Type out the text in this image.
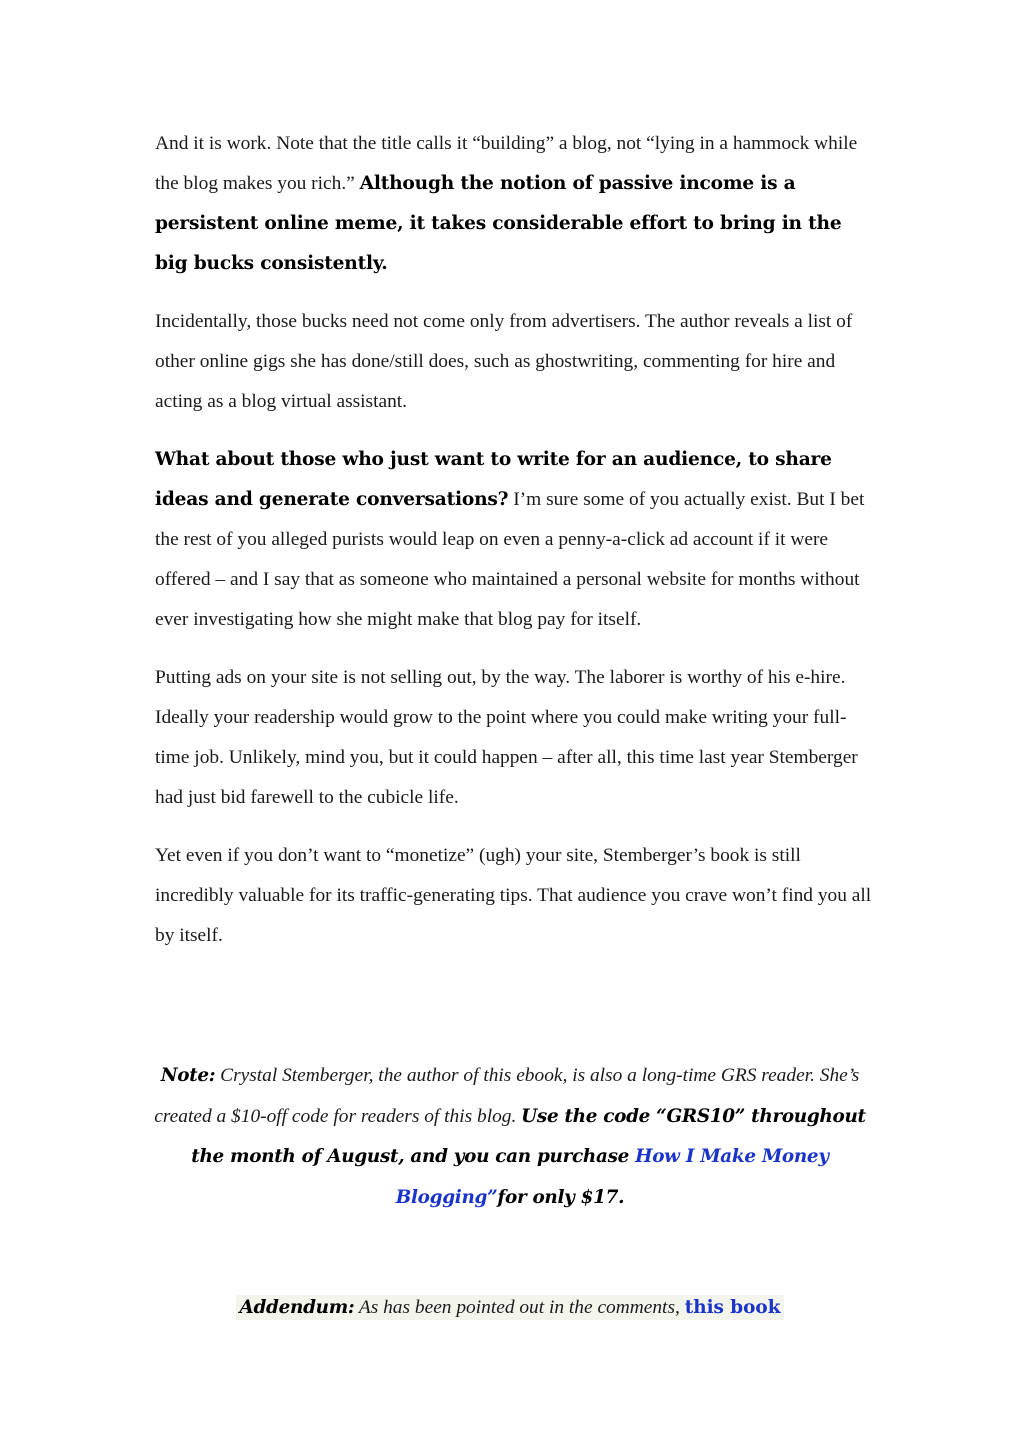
And it is work. Note that the title calls it “building” a blog, not “lying in a hammock while the blog makes you rich.” Although the notion of passive income is a persistent online meme, it takes considerable effort to bring in the big bucks consistently.

Incidentally, those bucks need not come only from advertisers. The author reveals a list of other online gigs she has done/still does, such as ghostwriting, commenting for hire and acting as a blog virtual assistant.

What about those who just want to write for an audience, to share ideas and generate conversations? I’m sure some of you actually exist. But I bet the rest of you alleged purists would leap on even a penny-a-click ad account if it were offered – and I say that as someone who maintained a personal website for months without ever investigating how she might make that blog pay for itself.

Putting ads on your site is not selling out, by the way. The laborer is worthy of his e-hire. Ideally your readership would grow to the point where you could make writing your full-time job. Unlikely, mind you, but it could happen – after all, this time last year Stemberger had just bid farewell to the cubicle life.

Yet even if you don’t want to “monetize” (ugh) your site, Stemberger’s book is still incredibly valuable for its traffic-generating tips. That audience you crave won’t find you all by itself.

Note: Crystal Stemberger, the author of this ebook, is also a long-time GRS reader. She’s created a $10-off code for readers of this blog. Use the code “GRS10” throughout the month of August, and you can purchase How I Make Money Blogging”for only $17.

Addendum: As has been pointed out in the comments, this book
